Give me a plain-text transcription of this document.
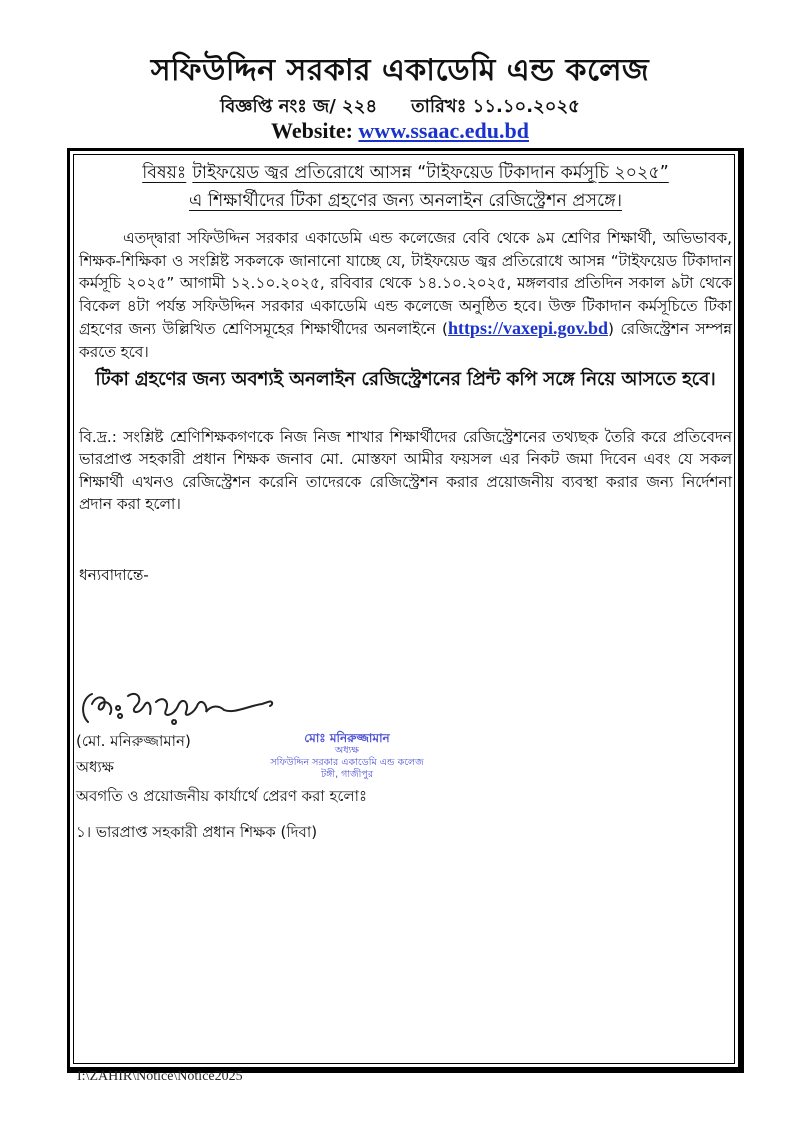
সফিউদ্দিন সরকার একাডেমি এন্ড কলেজ
বিজ্ঞপ্তি নংঃ জ/ ২২৪ তারিখঃ ১১.১০.২০২৫
Website: www.ssaac.edu.bd
বিষয়ঃ টাইফয়েড জ্বর প্রতিরোধে আসন্ন “টাইফয়েড টিকাদান কর্মসূচি ২০২৫”
এ শিক্ষার্থীদের টিকা গ্রহণের জন্য অনলাইন রেজিস্ট্রেশন প্রসঙ্গে।
এতদ্দ্বারা সফিউদ্দিন সরকার একাডেমি এন্ড কলেজের বেবি থেকে ৯ম শ্রেণির শিক্ষার্থী, অভিভাবক, শিক্ষক-শিক্ষিকা ও সংশ্লিষ্ট সকলকে জানানো যাচ্ছে যে, টাইফয়েড জ্বর প্রতিরোধে আসন্ন “টাইফয়েড টিকাদান কর্মসূচি ২০২৫” আগামী ১২.১০.২০২৫, রবিবার থেকে ১৪.১০.২০২৫, মঙ্গলবার প্রতিদিন সকাল ৯টা থেকে বিকেল ৪টা পর্যন্ত সফিউদ্দিন সরকার একাডেমি এন্ড কলেজে অনুষ্ঠিত হবে। উক্ত টিকাদান কর্মসূচিতে টিকা গ্রহণের জন্য উল্লিখিত শ্রেণিসমূহের শিক্ষার্থীদের অনলাইনে (https://vaxepi.gov.bd) রেজিস্ট্রেশন সম্পন্ন করতে হবে।
টিকা গ্রহণের জন্য অবশ্যই অনলাইন রেজিস্ট্রেশনের প্রিন্ট কপি সঙ্গে নিয়ে আসতে হবে।
বি.দ্র.: সংশ্লিষ্ট শ্রেণিশিক্ষকগণকে নিজ নিজ শাখার শিক্ষার্থীদের রেজিস্ট্রেশনের তথ্যছক তৈরি করে প্রতিবেদন ভারপ্রাপ্ত সহকারী প্রধান শিক্ষক জনাব মো. মোস্তফা আমীর ফয়সল এর নিকট জমা দিবেন এবং যে সকল শিক্ষার্থী এখনও রেজিস্ট্রেশন করেনি তাদেরকে রেজিস্ট্রেশন করার প্রয়োজনীয় ব্যবস্থা করার জন্য নির্দেশনা প্রদান করা হলো।
ধন্যবাদান্তে-
(মো. মনিরুজ্জামান)
অধ্যক্ষ
মোঃ মনিরুজ্জামান
অধ্যক্ষ
সফিউদ্দিন সরকার একাডেমি এন্ড কলেজ
টঙ্গী, গাজীপুর
অবগতি ও প্রয়োজনীয় কার্যার্থে প্রেরণ করা হলোঃ
১। ভারপ্রাপ্ত সহকারী প্রধান শিক্ষক (দিবা)
I:\ZAHIR\Notice\Notice2025
